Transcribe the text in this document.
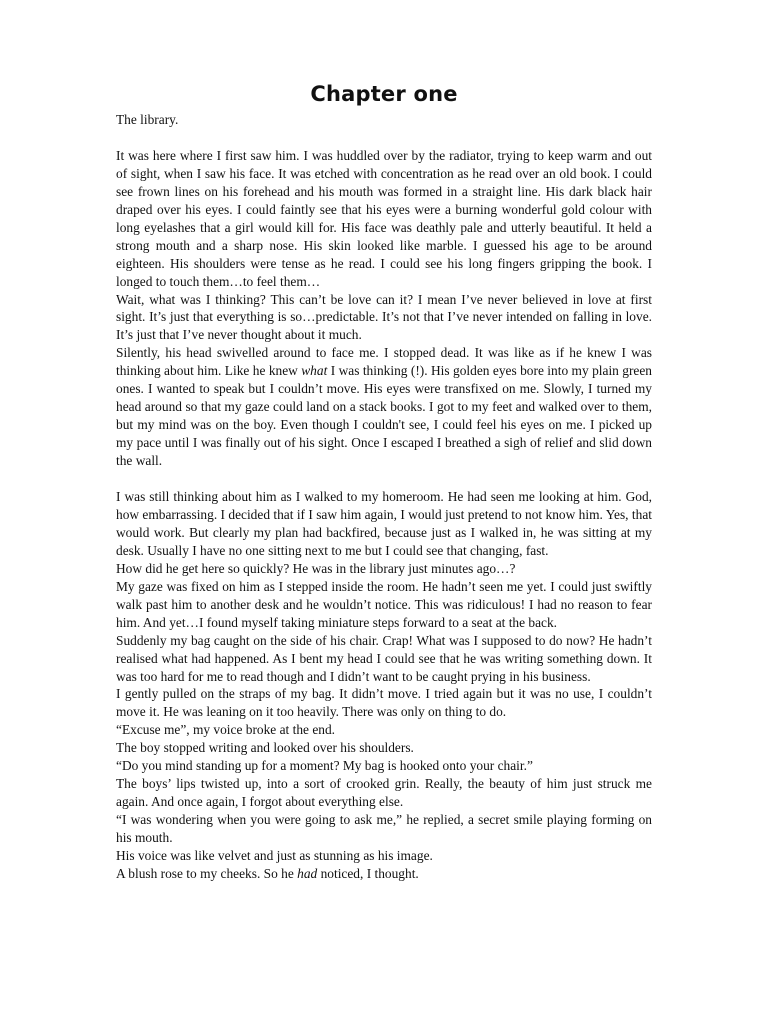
Chapter one

The library.

It was here where I first saw him. I was huddled over by the radiator, trying to keep warm and out of sight, when I saw his face. It was etched with concentration as he read over an old book. I could see frown lines on his forehead and his mouth was formed in a straight line. His dark black hair draped over his eyes. I could faintly see that his eyes were a burning wonderful gold colour with long eyelashes that a girl would kill for. His face was deathly pale and utterly beautiful. It held a strong mouth and a sharp nose. His skin looked like marble. I guessed his age to be around eighteen. His shoulders were tense as he read. I could see his long fingers gripping the book. I longed to touch them…to feel them…

Wait, what was I thinking? This can’t be love can it? I mean I’ve never believed in love at first sight. It’s just that everything is so…predictable. It’s not that I’ve never intended on falling in love. It’s just that I’ve never thought about it much.

Silently, his head swivelled around to face me. I stopped dead. It was like as if he knew I was thinking about him. Like he knew what I was thinking (!). His golden eyes bore into my plain green ones. I wanted to speak but I couldn’t move. His eyes were transfixed on me. Slowly, I turned my head around so that my gaze could land on a stack books. I got to my feet and walked over to them, but my mind was on the boy. Even though I couldn't see, I could feel his eyes on me. I picked up my pace until I was finally out of his sight. Once I escaped I breathed a sigh of relief and slid down the wall.

I was still thinking about him as I walked to my homeroom. He had seen me looking at him. God, how embarrassing. I decided that if I saw him again, I would just pretend to not know him. Yes, that would work. But clearly my plan had backfired, because just as I walked in, he was sitting at my desk. Usually I have no one sitting next to me but I could see that changing, fast.

How did he get here so quickly? He was in the library just minutes ago…?

My gaze was fixed on him as I stepped inside the room. He hadn’t seen me yet. I could just swiftly walk past him to another desk and he wouldn’t notice. This was ridiculous! I had no reason to fear him. And yet…I found myself taking miniature steps forward to a seat at the back.

Suddenly my bag caught on the side of his chair. Crap! What was I supposed to do now? He hadn’t realised what had happened. As I bent my head I could see that he was writing something down. It was too hard for me to read though and I didn’t want to be caught prying in his business.

I gently pulled on the straps of my bag. It didn’t move. I tried again but it was no use, I couldn’t move it. He was leaning on it too heavily. There was only on thing to do.

“Excuse me”, my voice broke at the end.

The boy stopped writing and looked over his shoulders.

“Do you mind standing up for a moment? My bag is hooked onto your chair.”

The boys’ lips twisted up, into a sort of crooked grin. Really, the beauty of him just struck me again. And once again, I forgot about everything else.

“I was wondering when you were going to ask me,” he replied, a secret smile playing forming on his mouth.

His voice was like velvet and just as stunning as his image.

A blush rose to my cheeks. So he had noticed, I thought.
